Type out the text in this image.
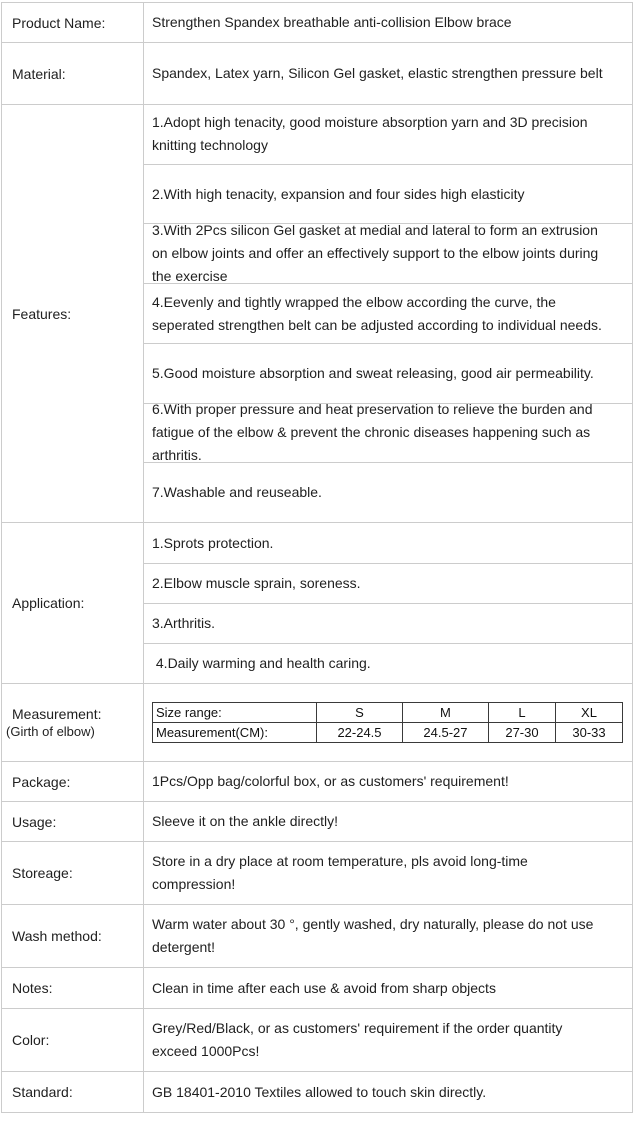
Product Name:	Strengthen Spandex breathable anti-collision Elbow brace
Material:	Spandex, Latex yarn, Silicon Gel gasket, elastic strengthen pressure belt
Features:
1.Adopt high tenacity, good moisture absorption yarn and 3D precision knitting technology
2.With high tenacity, expansion and four sides high elasticity
3.With 2Pcs silicon Gel gasket at medial and lateral to form an extrusion on elbow joints and offer an effectively support to the elbow joints during the exercise
4.Eevenly and tightly wrapped the elbow according the curve, the seperated strengthen belt can be adjusted according to individual needs.
5.Good moisture absorption and sweat releasing, good air permeability.
6.With proper pressure and heat preservation to relieve the burden and fatigue of the elbow & prevent the chronic diseases happening such as arthritis.
7.Washable and reuseable.
Application:
1.Sprots protection.
2.Elbow muscle sprain, soreness.
3.Arthritis.
4.Daily warming and health caring.
Measurement:
(Girth of elbow)
Size range:	S	M	L	XL
Measurement(CM):	22-24.5	24.5-27	27-30	30-33
Package:	1Pcs/Opp bag/colorful box, or as customers' requirement!
Usage:	Sleeve it on the ankle directly!
Storeage:
Store in a dry place at room temperature, pls avoid long-time compression!
Wash method:
Warm water about 30 °, gently washed, dry naturally, please do not use detergent!
Notes:	Clean in time after each use & avoid from sharp objects
Color:
Grey/Red/Black, or as customers' requirement if the order quantity exceed 1000Pcs!
Standard:	GB 18401-2010 Textiles allowed to touch skin directly.
